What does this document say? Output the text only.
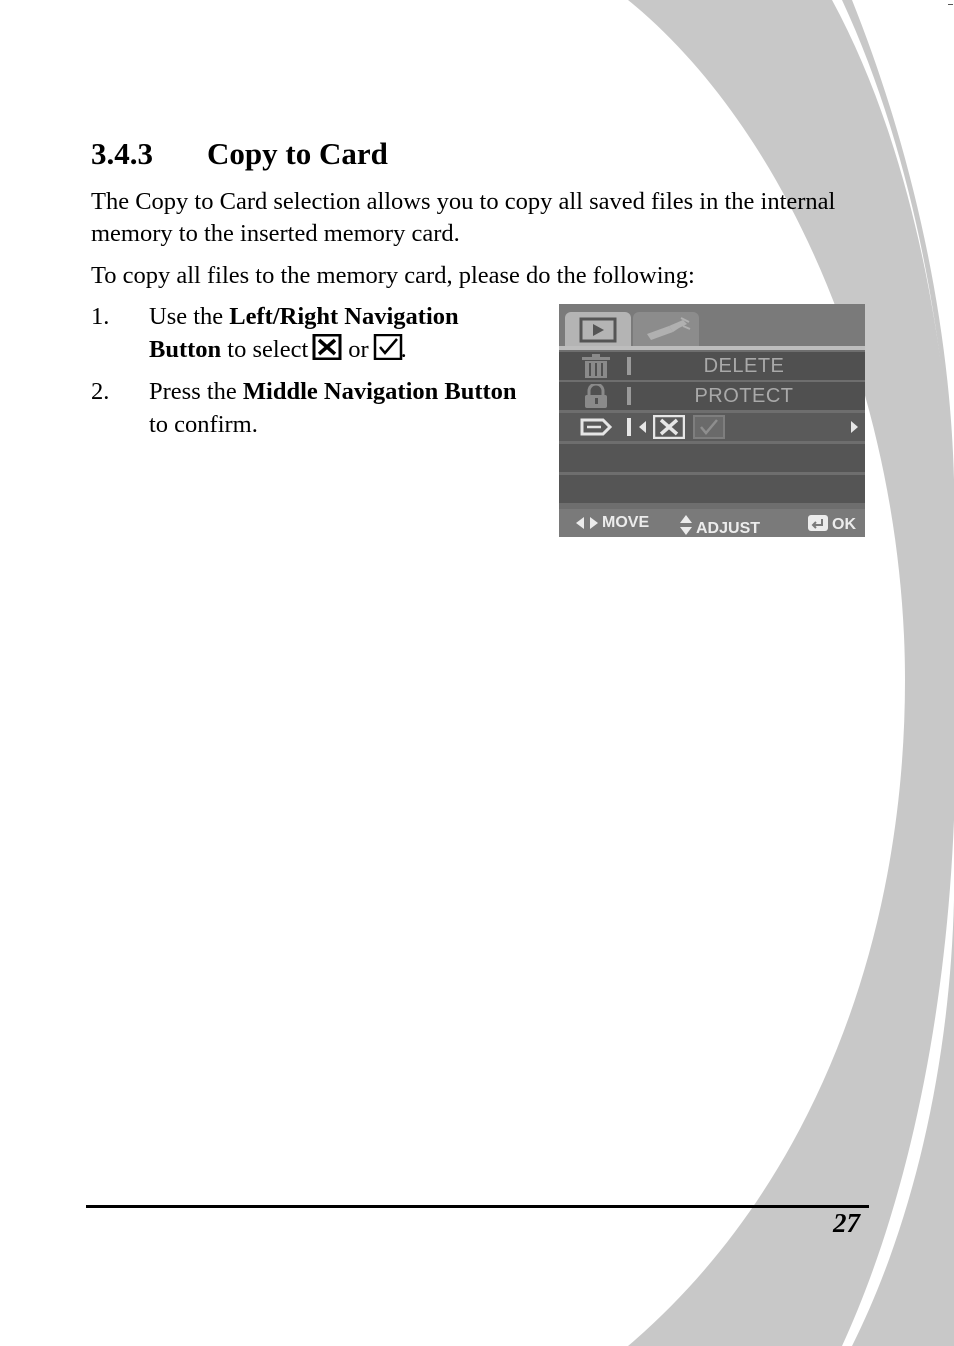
3.4.3 Copy to Card
The Copy to Card selection allows you to copy all saved files in the internal memory to the inserted memory card.
To copy all files to the memory card, please do the following:
1. Use the Left/Right Navigation Button to select or .
2. Press the Middle Navigation Button to confirm.
DELETE
PROTECT
MOVE	ADJUST	OK
27
